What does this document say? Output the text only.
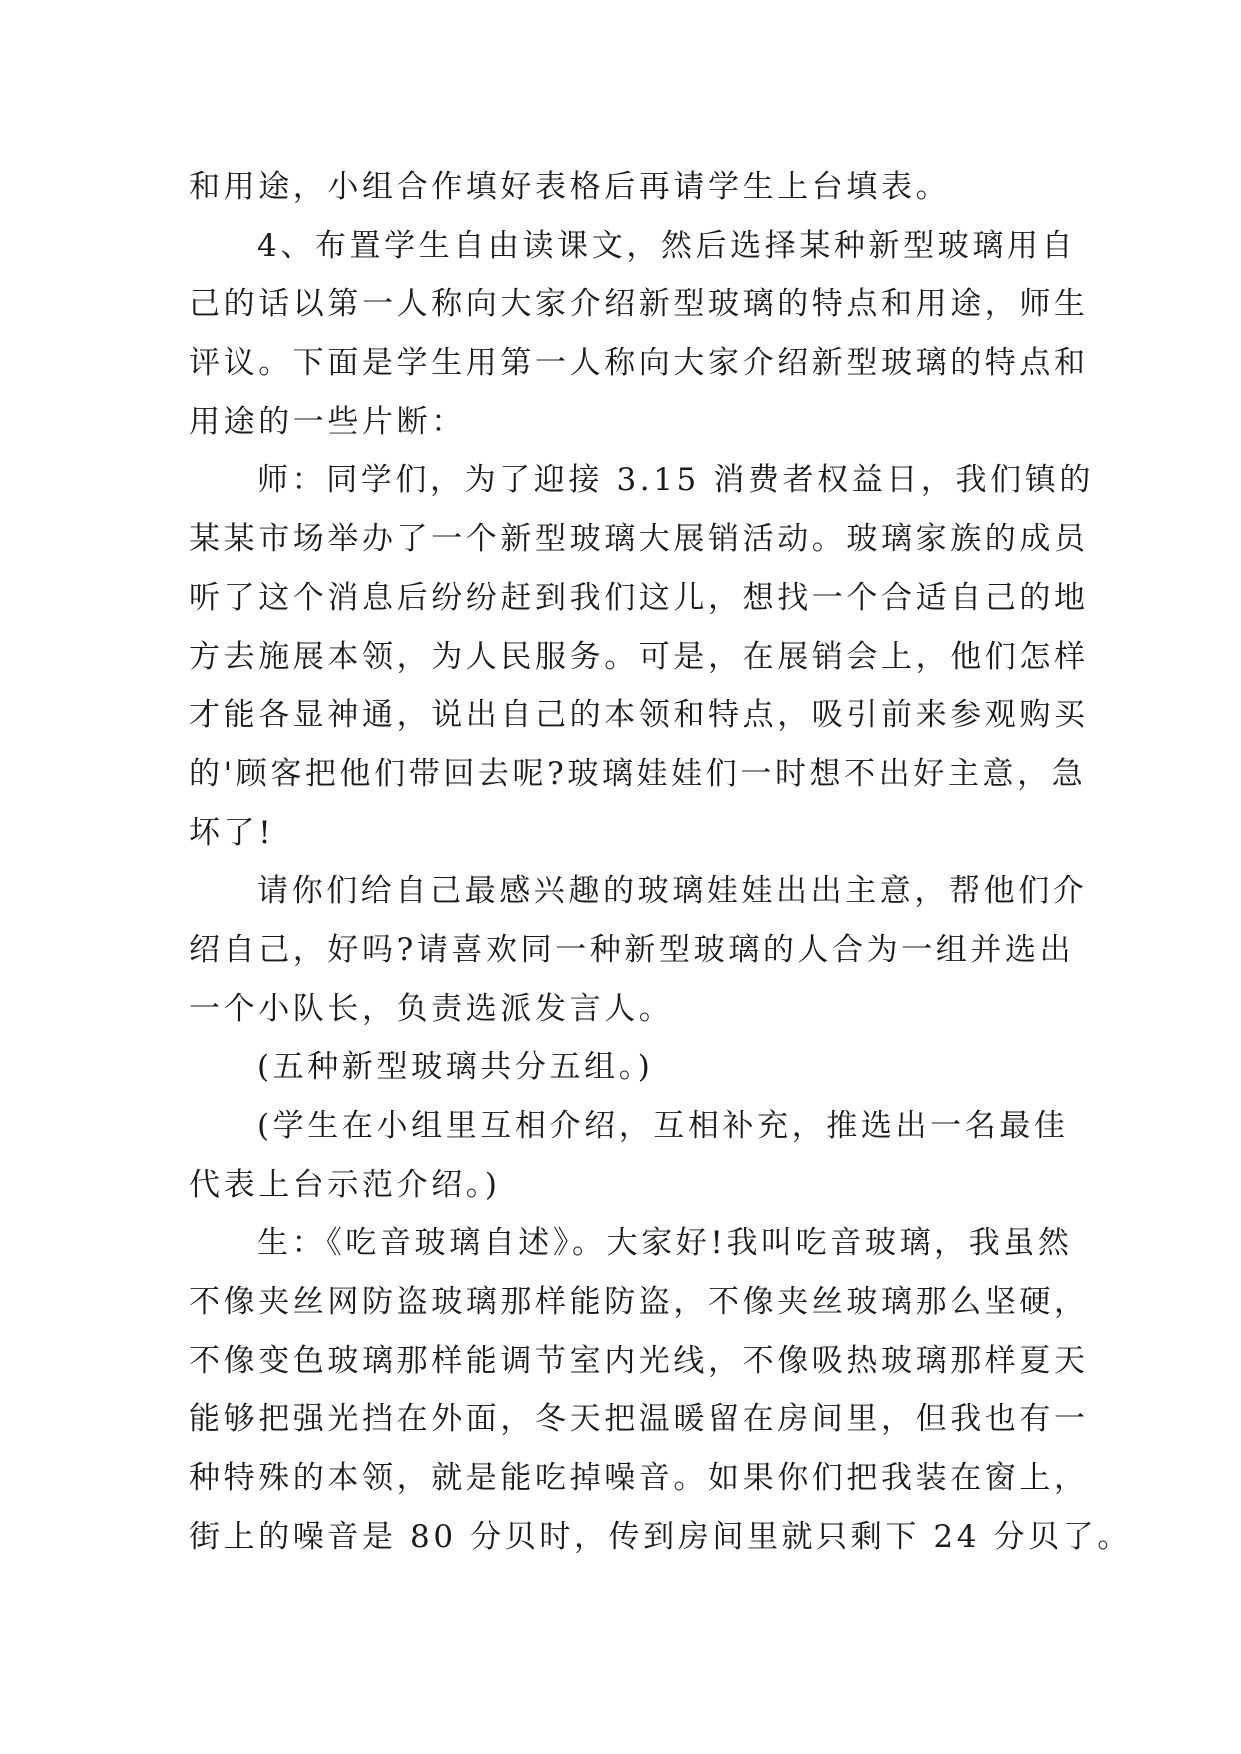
和用途，小组合作填好表格后再请学生上台填表。
4、布置学生自由读课文，然后选择某种新型玻璃用自
己的话以第一人称向大家介绍新型玻璃的特点和用途，师生
评议。下面是学生用第一人称向大家介绍新型玻璃的特点和
用途的一些片断：
师：同学们，为了迎接 3.15 消费者权益日，我们镇的
某某市场举办了一个新型玻璃大展销活动。玻璃家族的成员
听了这个消息后纷纷赶到我们这儿，想找一个合适自己的地
方去施展本领，为人民服务。可是，在展销会上，他们怎样
才能各显神通，说出自己的本领和特点，吸引前来参观购买
的'顾客把他们带回去呢?玻璃娃娃们一时想不出好主意，急
坏了!
请你们给自己最感兴趣的玻璃娃娃出出主意，帮他们介
绍自己，好吗?请喜欢同一种新型玻璃的人合为一组并选出
一个小队长，负责选派发言人。
(五种新型玻璃共分五组。)
(学生在小组里互相介绍，互相补充，推选出一名最佳
代表上台示范介绍。)
生：《吃音玻璃自述》。大家好!我叫吃音玻璃，我虽然
不像夹丝网防盗玻璃那样能防盗，不像夹丝玻璃那么坚硬，
不像变色玻璃那样能调节室内光线，不像吸热玻璃那样夏天
能够把强光挡在外面，冬天把温暖留在房间里，但我也有一
种特殊的本领，就是能吃掉噪音。如果你们把我装在窗上，
街上的噪音是 80 分贝时，传到房间里就只剩下 24 分贝了。
